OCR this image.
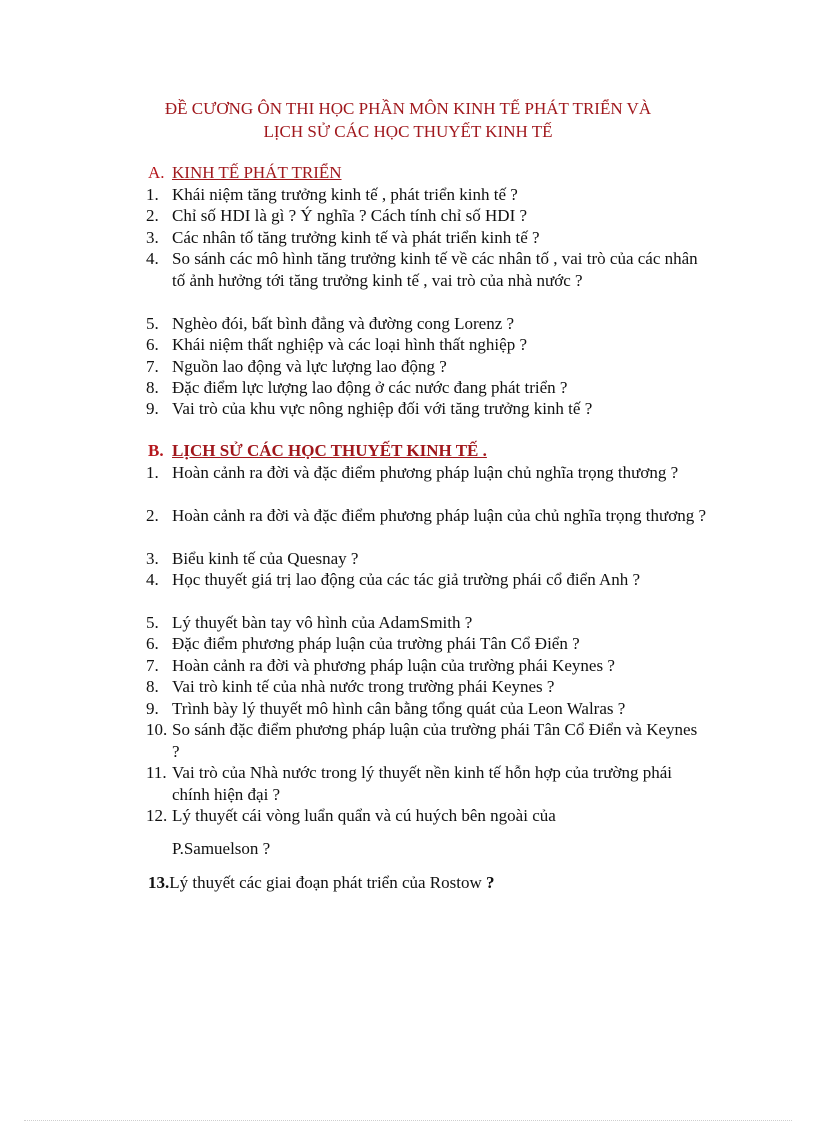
ĐỀ CƯƠNG ÔN THI HỌC PHẦN MÔN KINH TẾ PHÁT TRIỂN VÀ
LỊCH SỬ CÁC HỌC THUYẾT KINH TẾ
A. KINH TẾ PHÁT TRIỂN
1. Khái niệm tăng trưởng kinh tế , phát triển kinh tế ?
2. Chỉ số HDI là gì ? Ý nghĩa ? Cách tính chỉ số HDI ?
3. Các nhân tố tăng trưởng kinh tế và phát triển kinh tế ?
4. So sánh các mô hình tăng trưởng kinh tế về các nhân tố , vai trò của các nhân tố ảnh hưởng tới tăng trưởng kinh tế , vai trò của nhà nước ?
5. Nghèo đói, bất bình đẳng và đường cong Lorenz ?
6. Khái niệm thất nghiệp và các loại hình thất nghiệp ?
7. Nguồn lao động và lực lượng lao động ?
8. Đặc điểm lực lượng lao động ở các nước đang phát triển ?
9. Vai trò của khu vực nông nghiệp đối với tăng trưởng kinh tế ?
B. LỊCH SỬ CÁC HỌC THUYẾT KINH TẾ .
1. Hoàn cảnh ra đời và đặc điểm phương pháp luận chủ nghĩa trọng thương ?
2. Hoàn cảnh ra đời và đặc điểm phương pháp luận của chủ nghĩa trọng thương ?
3. Biểu kinh tế của Quesnay ?
4. Học thuyết giá trị lao động của các tác giả trường phái cổ điển Anh ?
5. Lý thuyết bàn tay vô hình của AdamSmith ?
6. Đặc điểm phương pháp luận của trường phái Tân Cổ Điển ?
7. Hoàn cảnh ra đời và phương pháp luận của trường phái Keynes ?
8. Vai trò kinh tế của nhà nước trong trường phái Keynes ?
9. Trình bày lý thuyết mô hình cân bằng tổng quát của Leon Walras ?
10. So sánh đặc điểm phương pháp luận của trường phái Tân Cổ Điển và Keynes ?
11. Vai trò của Nhà nước trong lý thuyết nền kinh tế hỗn hợp của trường phái chính hiện đại ?
12. Lý thuyết cái vòng luẩn quẩn và cú huých bên ngoài của
P.Samuelson ?
13.Lý thuyết các giai đoạn phát triển của Rostow ?
